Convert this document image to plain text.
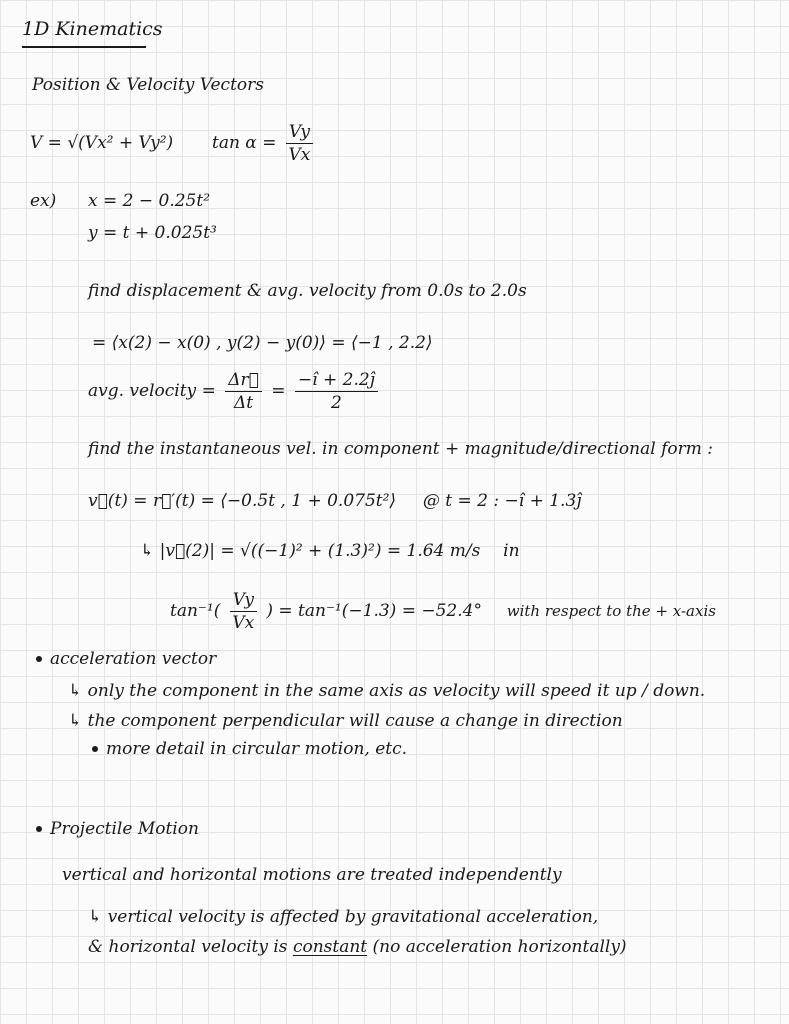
1D Kinematics
Position & Velocity Vectors
V = √(Vx² + Vy²) $\tan \alpha = \frac{Vy}{Vx}$
ex) x = 2 − 0.25t²
y = t + 0.025t³
find displacement & avg. velocity from 0.0s to 2.0s
= ⟨x(2) − x(0) , y(2) − y(0)⟩ = ⟨−1 , 2.2⟩
avg. velocity = $\frac{\Delta r⃗}{\Delta t} = \frac{-î + 2.2ĵ}{2}$
find the instantaneous vel. in component + magnitude/directional form :
v⃗(t) = r⃗′(t) = ⟨−0.5t , 1 + 0.075t²⟩ @ t = 2 : −î + 1.3ĵ
↳ |v⃗(2)| = √((−1)² + (1.3)²) = 1.64 m/s in
$\tan^{-1}( \frac{Vy}{Vx}$ ) = tan⁻¹(−1.3) = −52.4° with respect to the + x-axis
acceleration vector
↳ only the component in the same axis as velocity will speed it up / down.
↳ the component perpendicular will cause a change in direction
more detail in circular motion, etc.
Projectile Motion
vertical and horizontal motions are treated independently
↳ vertical velocity is affected by gravitational acceleration,
& horizontal velocity is constant (no acceleration horizontally)
